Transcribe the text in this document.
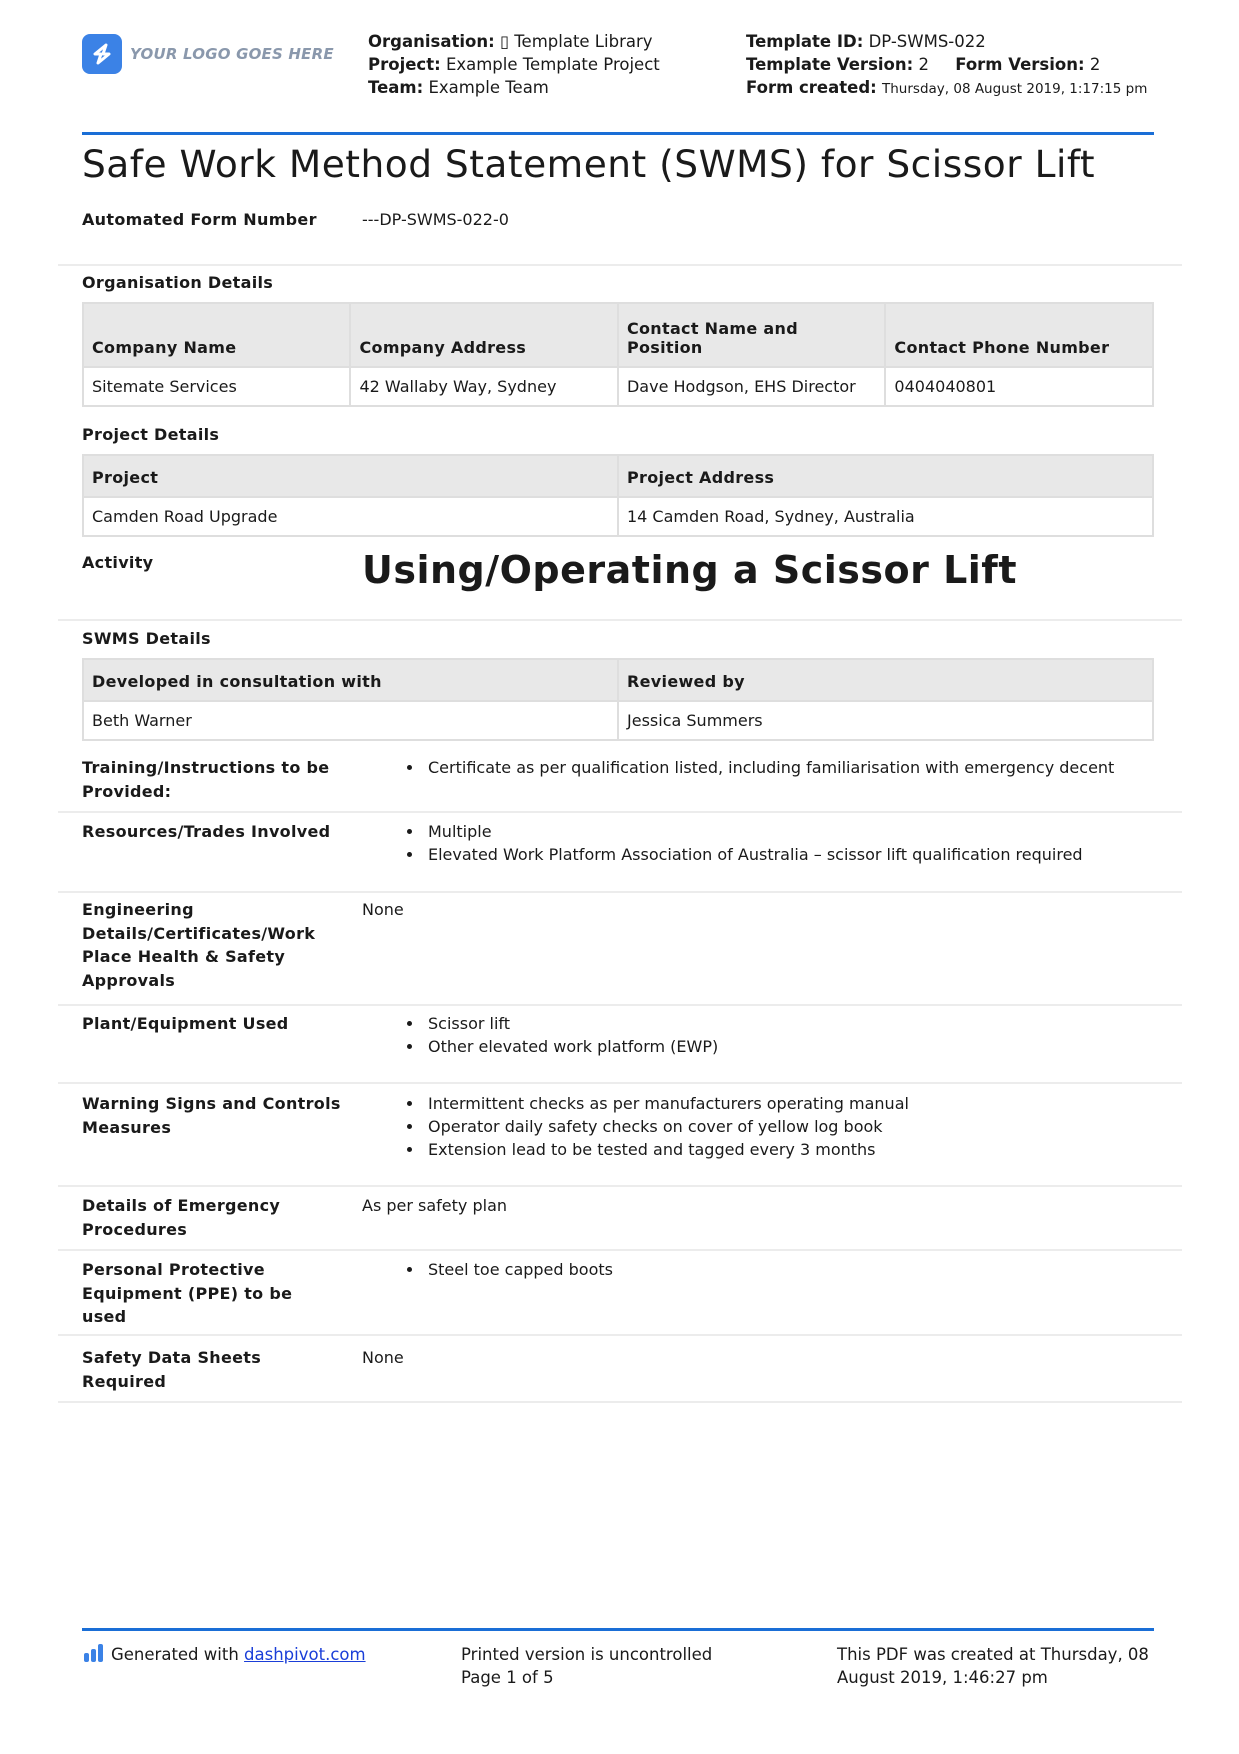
YOUR LOGO GOES HERE
Organisation: ▯ Template Library
Project: Example Template Project
Team: Example Team
Template ID: DP-SWMS-022
Template Version: 2 Form Version: 2
Form created: Thursday, 08 August 2019, 1:17:15 pm
Safe Work Method Statement (SWMS) for Scissor Lift
Automated Form Number	---DP-SWMS-022-0
Organisation Details
Company Name	Company Address	Contact Name and Position	Contact Phone Number
Sitemate Services	42 Wallaby Way, Sydney	Dave Hodgson, EHS Director	0404040801
Project Details
Project	Project Address
Camden Road Upgrade	14 Camden Road, Sydney, Australia
Activity	Using/Operating a Scissor Lift
SWMS Details
Developed in consultation with	Reviewed by
Beth Warner	Jessica Summers
Training/Instructions to be Provided:
• Certificate as per qualification listed, including familiarisation with emergency decent
Resources/Trades Involved	• Multiple
• Elevated Work Platform Association of Australia – scissor lift qualification required
Engineering Details/Certificates/Work Place Health & Safety Approvals
None
Plant/Equipment Used	• Scissor lift
• Other elevated work platform (EWP)
Warning Signs and Controls Measures
• Intermittent checks as per manufacturers operating manual
• Operator daily safety checks on cover of yellow log book
• Extension lead to be tested and tagged every 3 months
Details of Emergency Procedures
As per safety plan
Personal Protective Equipment (PPE) to be used
• Steel toe capped boots
Safety Data Sheets Required
None
Generated with dashpivot.com	Printed version is uncontrolled
Page 1 of 5
This PDF was created at Thursday, 08 August 2019, 1:46:27 pm
